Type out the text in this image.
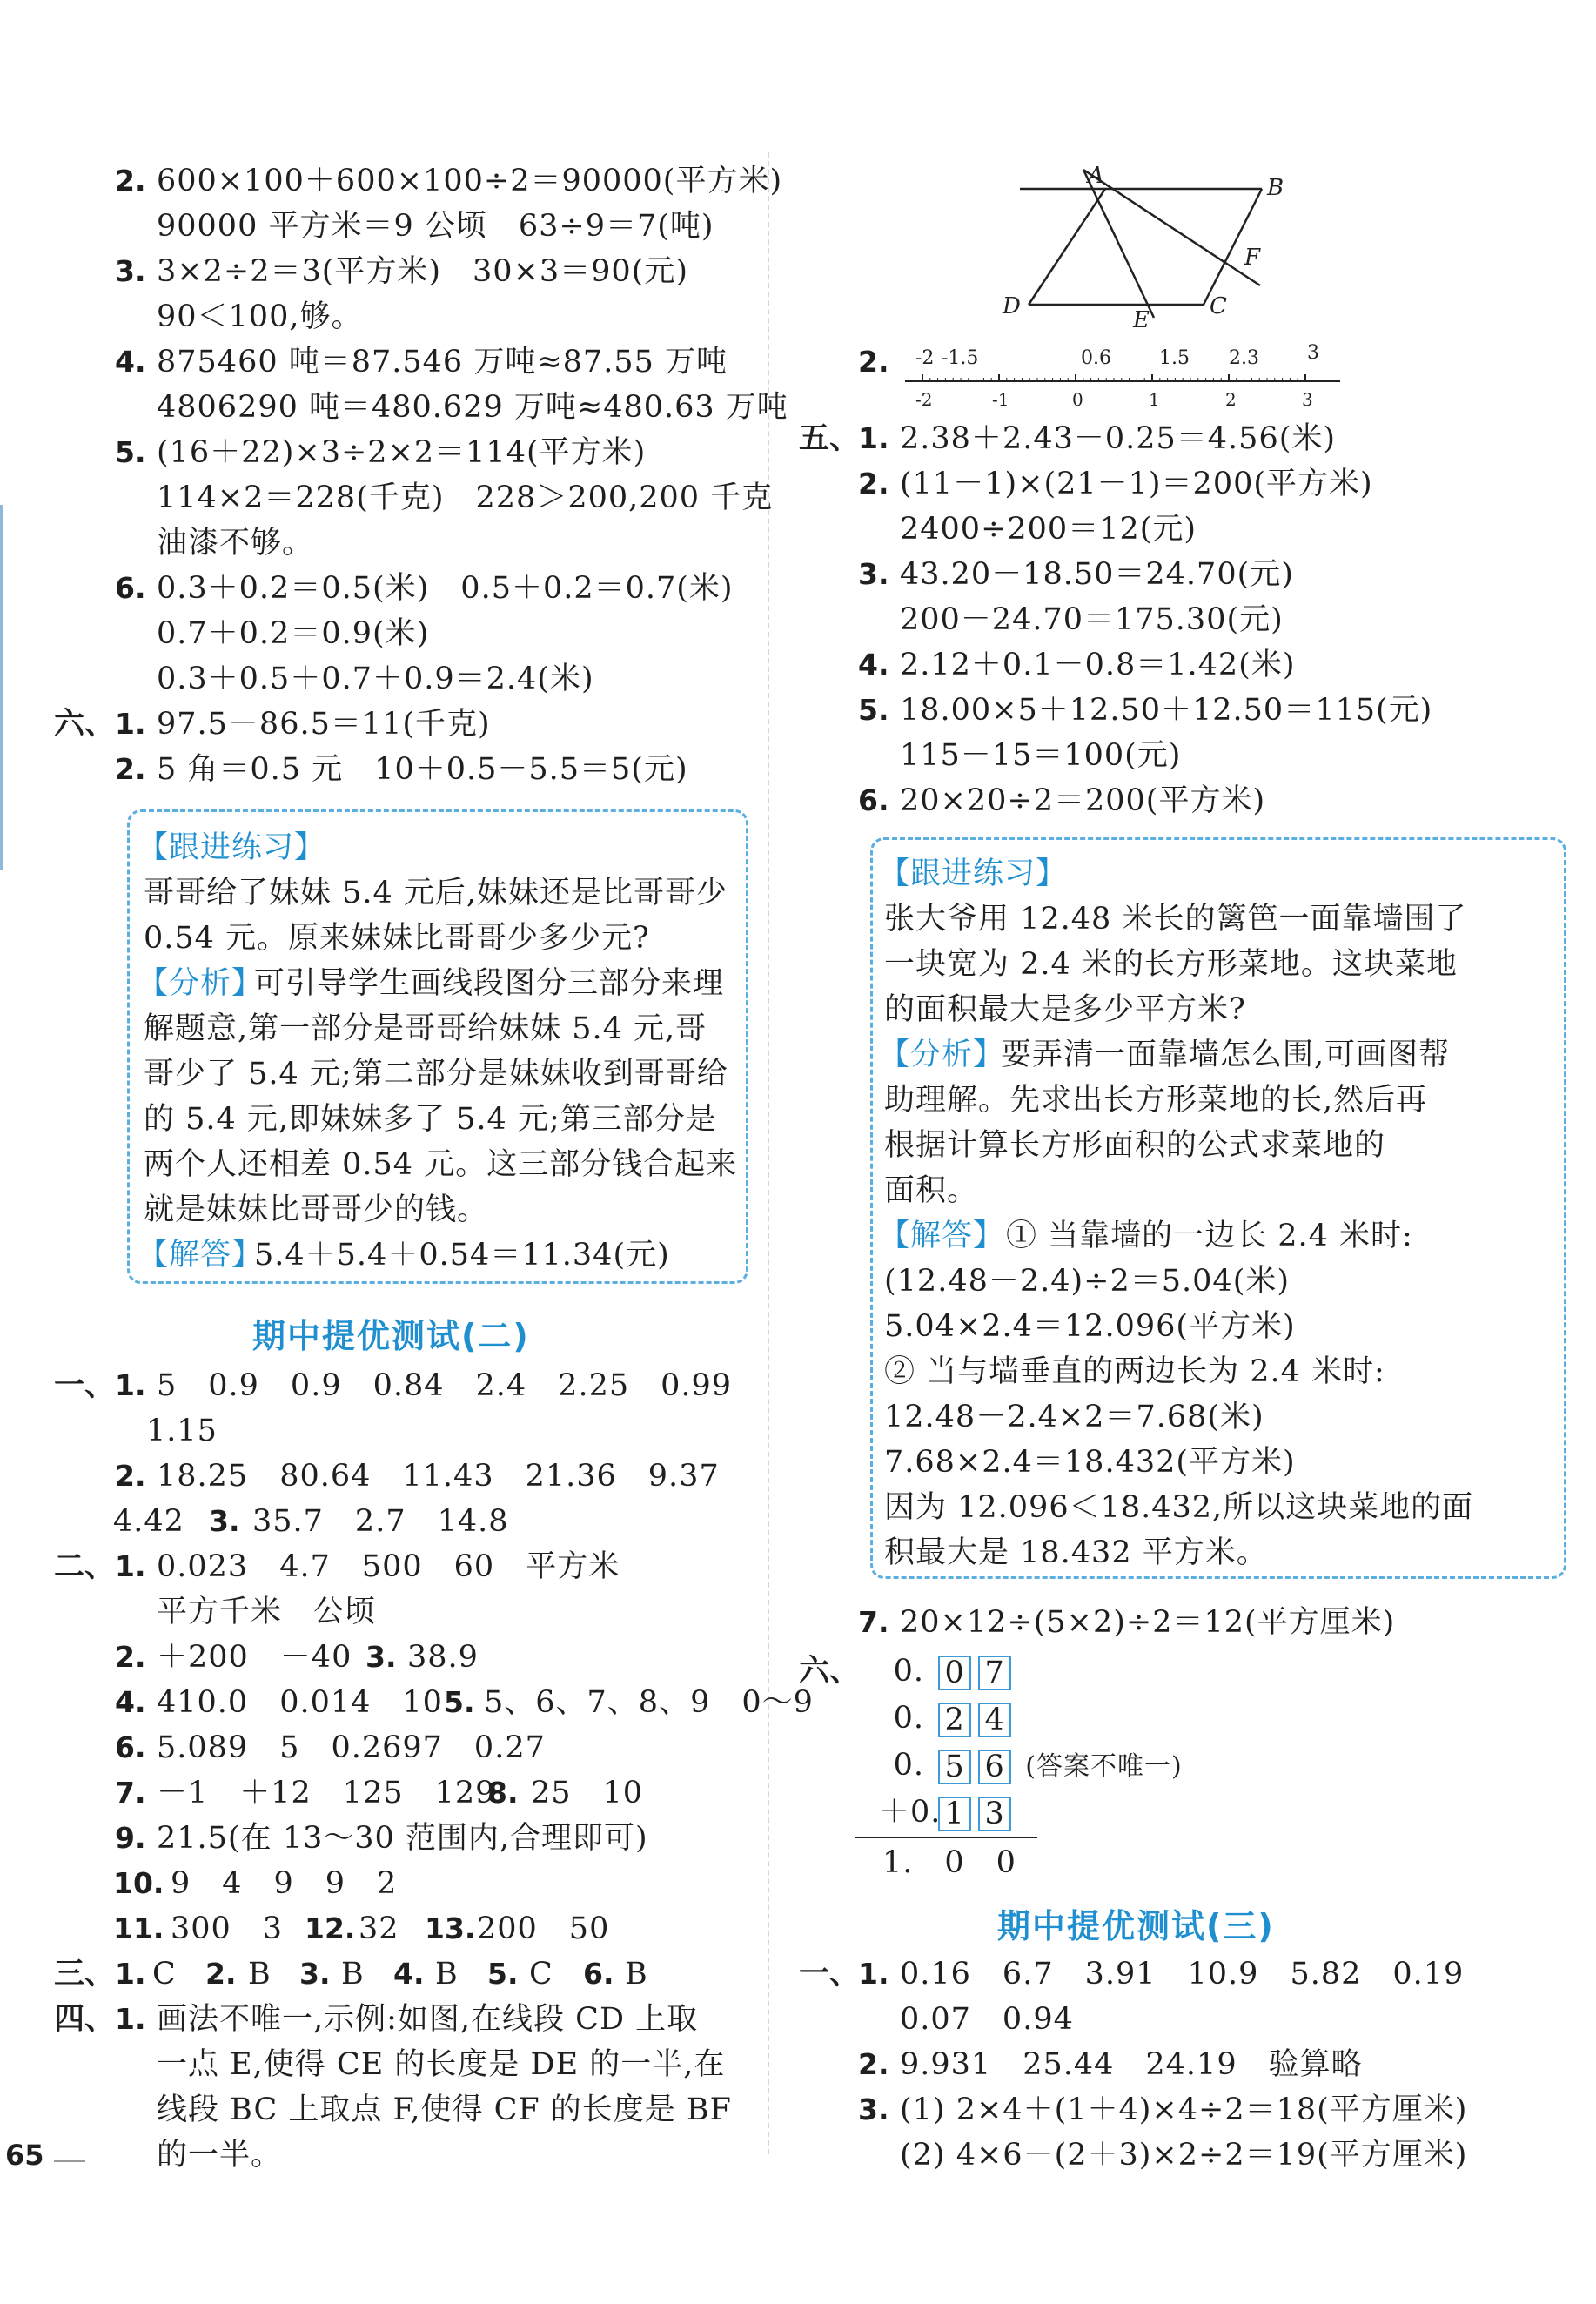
2. 600×100＋600×100÷2＝90000(平方米)
90000 平方米＝9 公顷　63÷9＝7(吨)
3. 3×2÷2＝3(平方米)　30×3＝90(元)
90＜100,够。
4. 875460 吨＝87.546 万吨≈87.55 万吨
4806290 吨＝480.629 万吨≈480.63 万吨
5. (16＋22)×3÷2×2＝114(平方米)
114×2＝228(千克)　228＞200,200 千克
油漆不够。
6. 0.3＋0.2＝0.5(米)　0.5＋0.2＝0.7(米)
0.7＋0.2＝0.9(米)
0.3＋0.5＋0.7＋0.9＝2.4(米)
六、 1. 97.5－86.5＝11(千克)
2. 5 角＝0.5 元　10＋0.5－5.5＝5(元)
【跟进练习】
哥哥给了妹妹 5.4 元后,妹妹还是比哥哥少
0.54 元。原来妹妹比哥哥少多少元?
【分析】
可引导学生画线段图分三部分来理
解题意,第一部分是哥哥给妹妹 5.4 元,哥
哥少了 5.4 元;第二部分是妹妹收到哥哥给
的 5.4 元,即妹妹多了 5.4 元;第三部分是
两个人还相差 0.54 元。这三部分钱合起来
就是妹妹比哥哥少的钱。
【解答】
5.4＋5.4＋0.54＝11.34(元)
期中提优测试(二)
一、 1. 5　0.9　0.9　0.84　2.4　2.25　0.99
1.15
2. 18.25　80.64　11.43　21.36　9.37
4.42 3. 35.7　2.7　14.8
二、 1. 0.023　4.7　500　60　平方米
平方千米　公顷
2. ＋200　－40 3. 38.9
4. 410.0　0.014　10 5. 5、6、7、8、9　0～9
6. 5.089　5　0.2697　0.27
7. －1　＋12　125　129
8. 25　10
9. 21.5(在 13～30 范围内,合理即可)
10. 9　4　9　9　2
11. 300　3 12. 32 13. 200　50
三、 1. C 2. B 3. B 4. B 5. C 6. B
四、 1. 画法不唯一,示例:如图,在线段 CD 上取
一点 E,使得 CE 的长度是 DE 的一半,在
线段 BC 上取点 F,使得 CF 的长度是 BF
的一半。
65
A	B
C
D
E
F
2. -2 -1.5	0.6	1.5 2.3	3
-2	-1	0	1	2	3
五、
1. 2.38＋2.43－0.25＝4.56(米)
2. (11－1)×(21－1)＝200(平方米)
2400÷200＝12(元)
3. 43.20－18.50＝24.70(元)
200－24.70＝175.30(元)
4. 2.12＋0.1－0.8＝1.42(米)
5. 18.00×5＋12.50＋12.50＝115(元)
115－15＝100(元)
6. 20×20÷2＝200(平方米)
【跟进练习】
张大爷用 12.48 米长的篱笆一面靠墙围了
一块宽为 2.4 米的长方形菜地。这块菜地
的面积最大是多少平方米?
【分析】
要弄清一面靠墙怎么围,可画图帮
助理解。先求出长方形菜地的长,然后再
根据计算长方形面积的公式求菜地的
面积。
【解答】 ① 当靠墙的一边长 2.4 米时:
(12.48－2.4)÷2＝5.04(米)
5.04×2.4＝12.096(平方米)
② 当与墙垂直的两边长为 2.4 米时:
12.48－2.4×2＝7.68(米)
7.68×2.4＝18.432(平方米)
因为 12.096＜18.432,所以这块菜地的面
积最大是 18.432 平方米。
7. 20×12÷(5×2)÷2＝12(平方厘米)
六、	0. 0 7
0. 2 4
0. 5 6 (答案不唯一)
＋0. 1 3
1.　0　0
期中提优测试(三)
一、
1. 0.16　6.7　3.91　10.9　5.82　0.19
0.07　0.94
2. 9.931　25.44　24.19　验算略
3. (1) 2×4＋(1＋4)×4÷2＝18(平方厘米)
(2) 4×6－(2＋3)×2÷2＝19(平方厘米)
